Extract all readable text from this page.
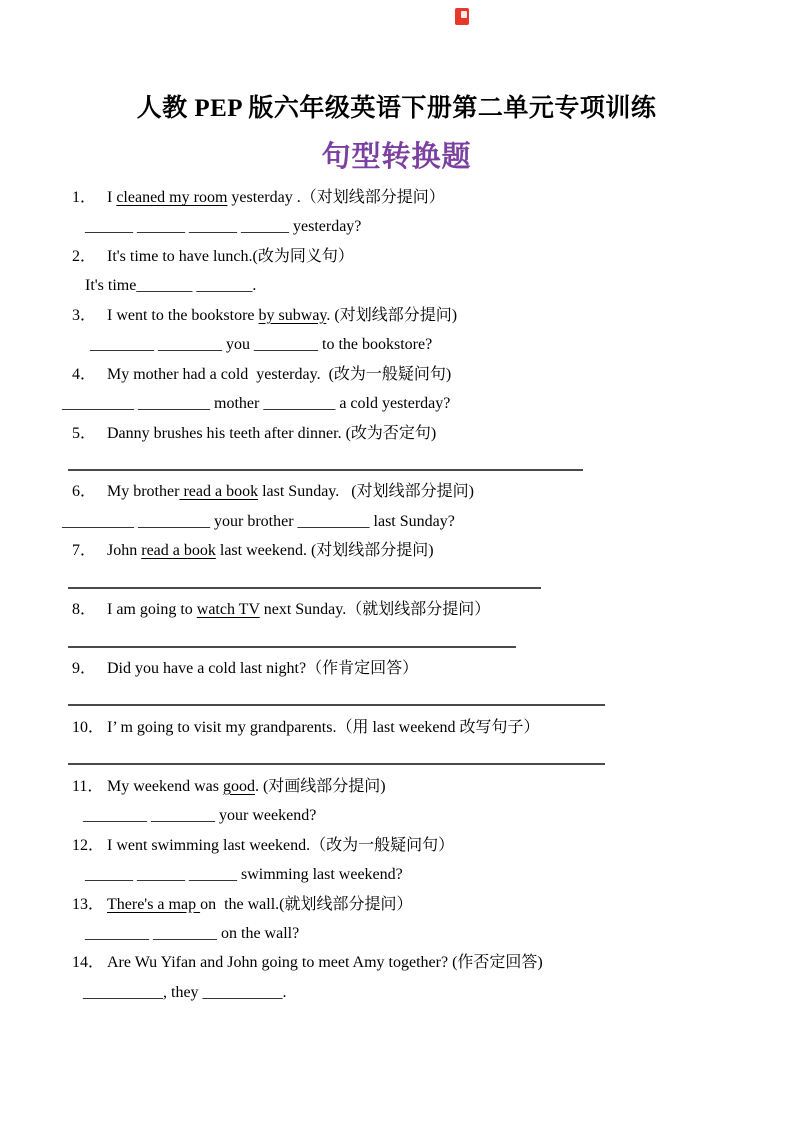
人教 PEP 版六年级英语下册第二单元专项训练
句型转换题
1． I cleaned my room yesterday .（对划线部分提问）
______ ______ ______ ______ yesterday?
2． It's time to have lunch.(改为同义句）
It's time_______ _______.
3． I went to the bookstore by subway. (对划线部分提问)
________ ________ you ________ to the bookstore?
4． My mother had a cold  yesterday.  (改为一般疑问句)
_________ _________ mother _________ a cold yesterday?
5． Danny brushes his teeth after dinner. (改为否定句)
6． My brother read a book last Sunday.   (对划线部分提问)
_________ _________ your brother _________ last Sunday?
7． John read a book last weekend. (对划线部分提问)
8． I am going to watch TV next Sunday.（就划线部分提问）
9． Did you have a cold last night?（作肯定回答）
10． I’ m going to visit my grandparents.（用 last weekend 改写句子）
11． My weekend was good. (对画线部分提问)
________ ________ your weekend?
12． I went swimming last weekend.（改为一般疑问句）
______ ______ ______ swimming last weekend?
13． There's a map on  the wall.(就划线部分提问）
________ ________ on the wall?
14． Are Wu Yifan and John going to meet Amy together? (作否定回答)
__________, they __________.
